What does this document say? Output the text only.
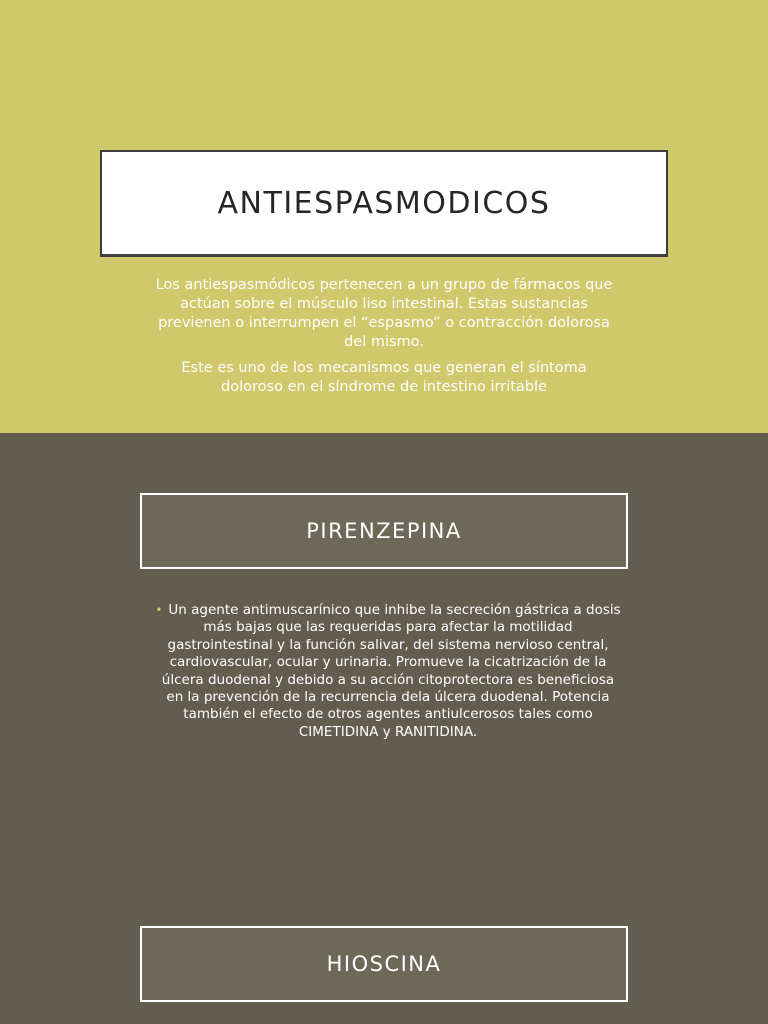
ANTIESPASMODICOS

Los antiespasmódicos pertenecen a un grupo de fármacos que actúan sobre el músculo liso intestinal. Estas sustancias previenen o interrumpen el “espasmo” o contracción dolorosa del mismo.

Este es uno de los mecanismos que generan el síntoma doloroso en el síndrome de intestino irritable

PIRENZEPINA
• Un agente antimuscarínico que inhibe la secreción gástrica a dosis más bajas que las requeridas para afectar la motilidad gastrointestinal y la función salivar, del sistema nervioso central, cardiovascular, ocular y urinaria. Promueve la cicatrización de la úlcera duodenal y debido a su acción citoprotectora es beneficiosa en la prevención de la recurrencia dela úlcera duodenal. Potencia también el efecto de otros agentes antiulcerosos tales como CIMETIDINA y RANITIDINA.
HIOSCINA
